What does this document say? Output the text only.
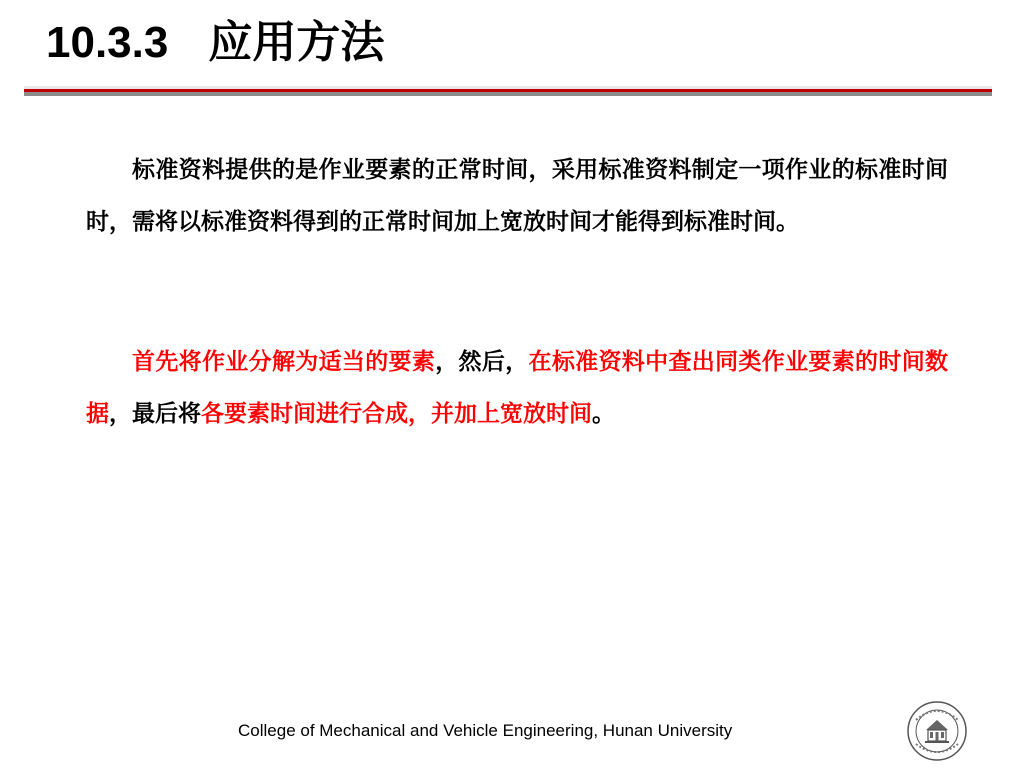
10.3.3 应用方法

标准资料提供的是作业要素的正常时间，采用标准资料制定一项作业的标准时间时，需将以标准资料得到的正常时间加上宽放时间才能得到标准时间。

首先将作业分解为适当的要素，然后，在标准资料中查出同类作业要素的时间数据，最后将各要素时间进行合成，并加上宽放时间。

College of Mechanical and Vehicle Engineering, Hunan University
